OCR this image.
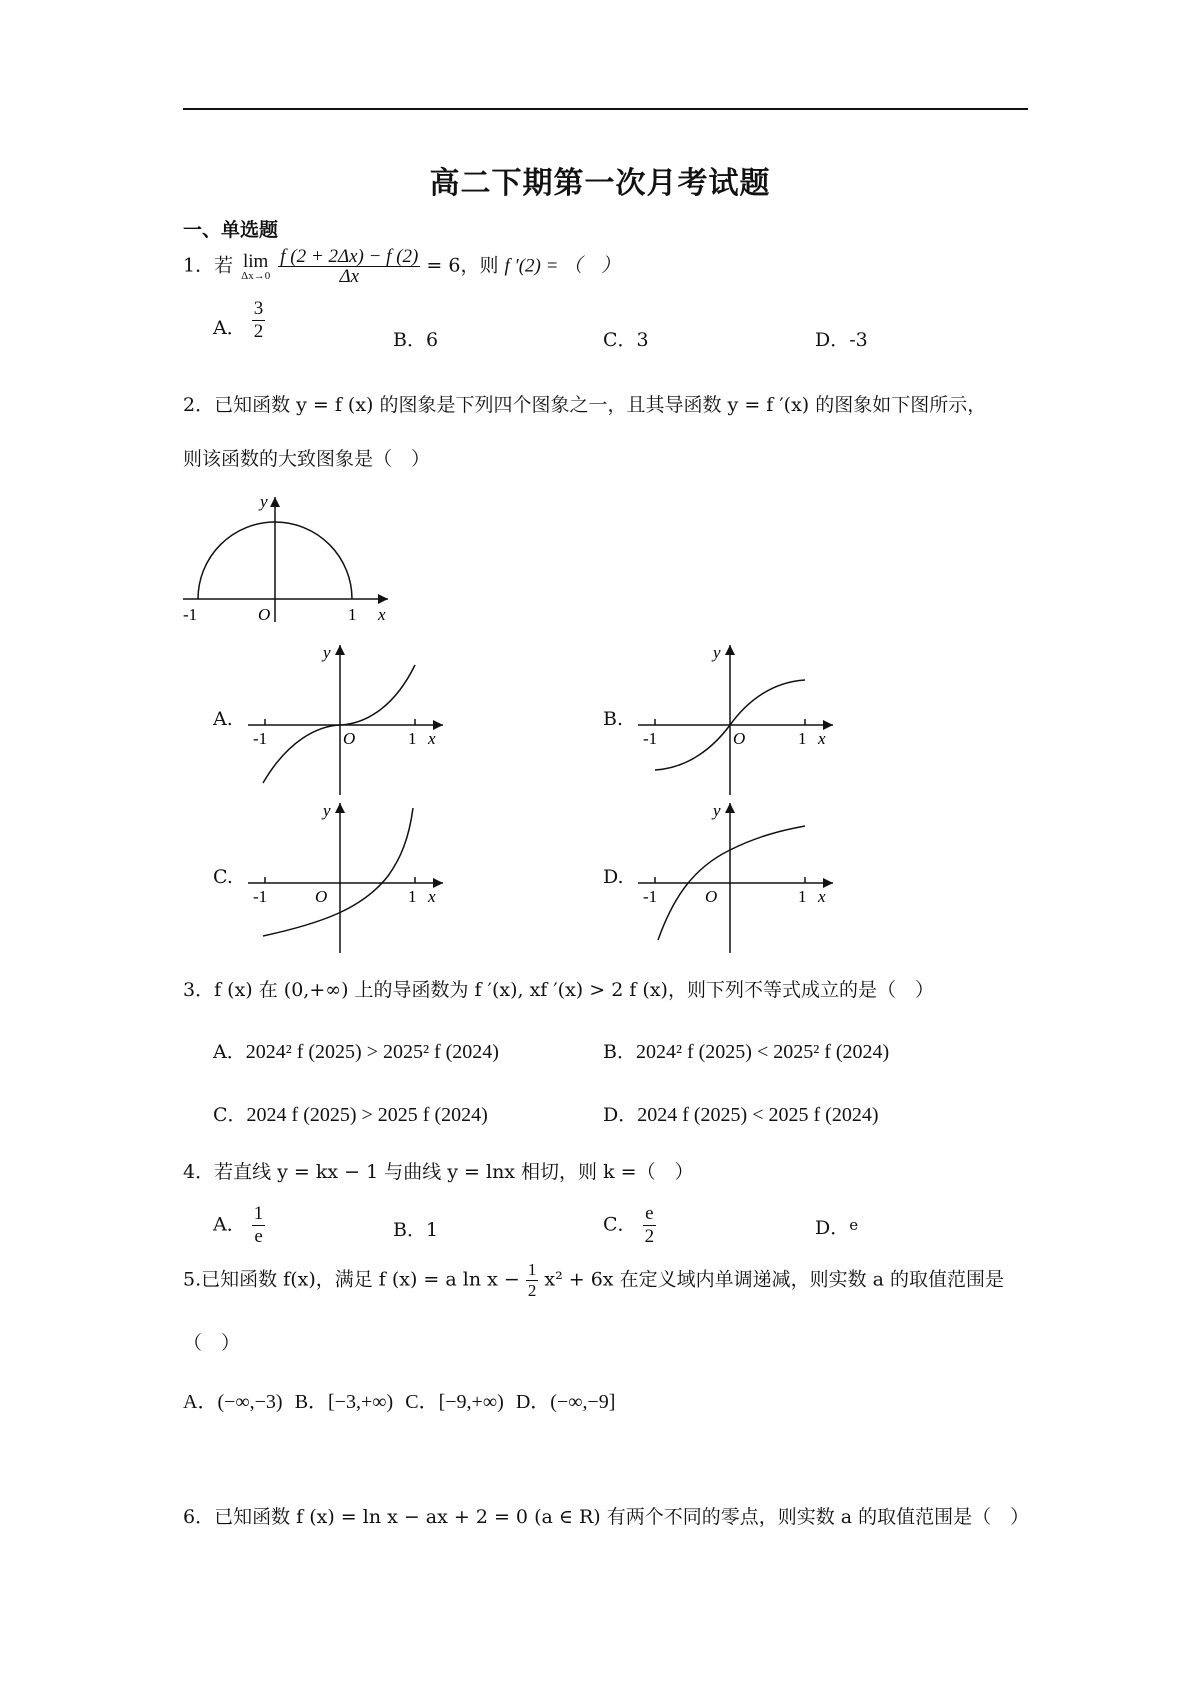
高二下期第一次月考试题
一、单选题
1．若 lim
Δx→0
$\frac{f (2 + 2\Delta x) - f (2)}{\Delta x} = 6$，则 f ′(2) = （　）
A． $\frac{3}{2}$	B．6	C．3	D．-3
2．已知函数 y = f (x) 的图象是下列四个图象之一，且其导函数 y = f ′(x) 的图象如下图所示，
则该函数的大致图象是（　）
y
x
O
-1	1
A.
y
x
O
-1	1
B.
y
x
O
-1	1
C.
y
x
O
-1	1
D.
y
x
O
-1	1
3．f (x) 在 (0,+∞) 上的导函数为 f ′(x), xf ′(x) > 2 f (x)，则下列不等式成立的是（　）
A．2024² f (2025) > 2025² f (2024)	B．2024² f (2025) < 2025² f (2024)
C．2024 f (2025) > 2025 f (2024)	D．2024 f (2025) < 2025 f (2024)
4．若直线 y = kx − 1 与曲线 y = lnx 相切，则 k =（　）
A． $\frac{1}{e}$	B．1	C． $\frac{e}{2}$	D．$^e$
5.已知函数 f(x)，满足 f (x) = a $\ln x - \frac{1}{2} x^2 + 6x$ 在定义域内单调递减，则实数 a 的取值范围是
（　）
A．(−∞,−3) B．[−3,+∞) C．[−9,+∞) D．(−∞,−9]
6．已知函数 f (x) = ln x − ax + 2 = 0 (a ∈ R) 有两个不同的零点，则实数 a 的取值范围是（　）
